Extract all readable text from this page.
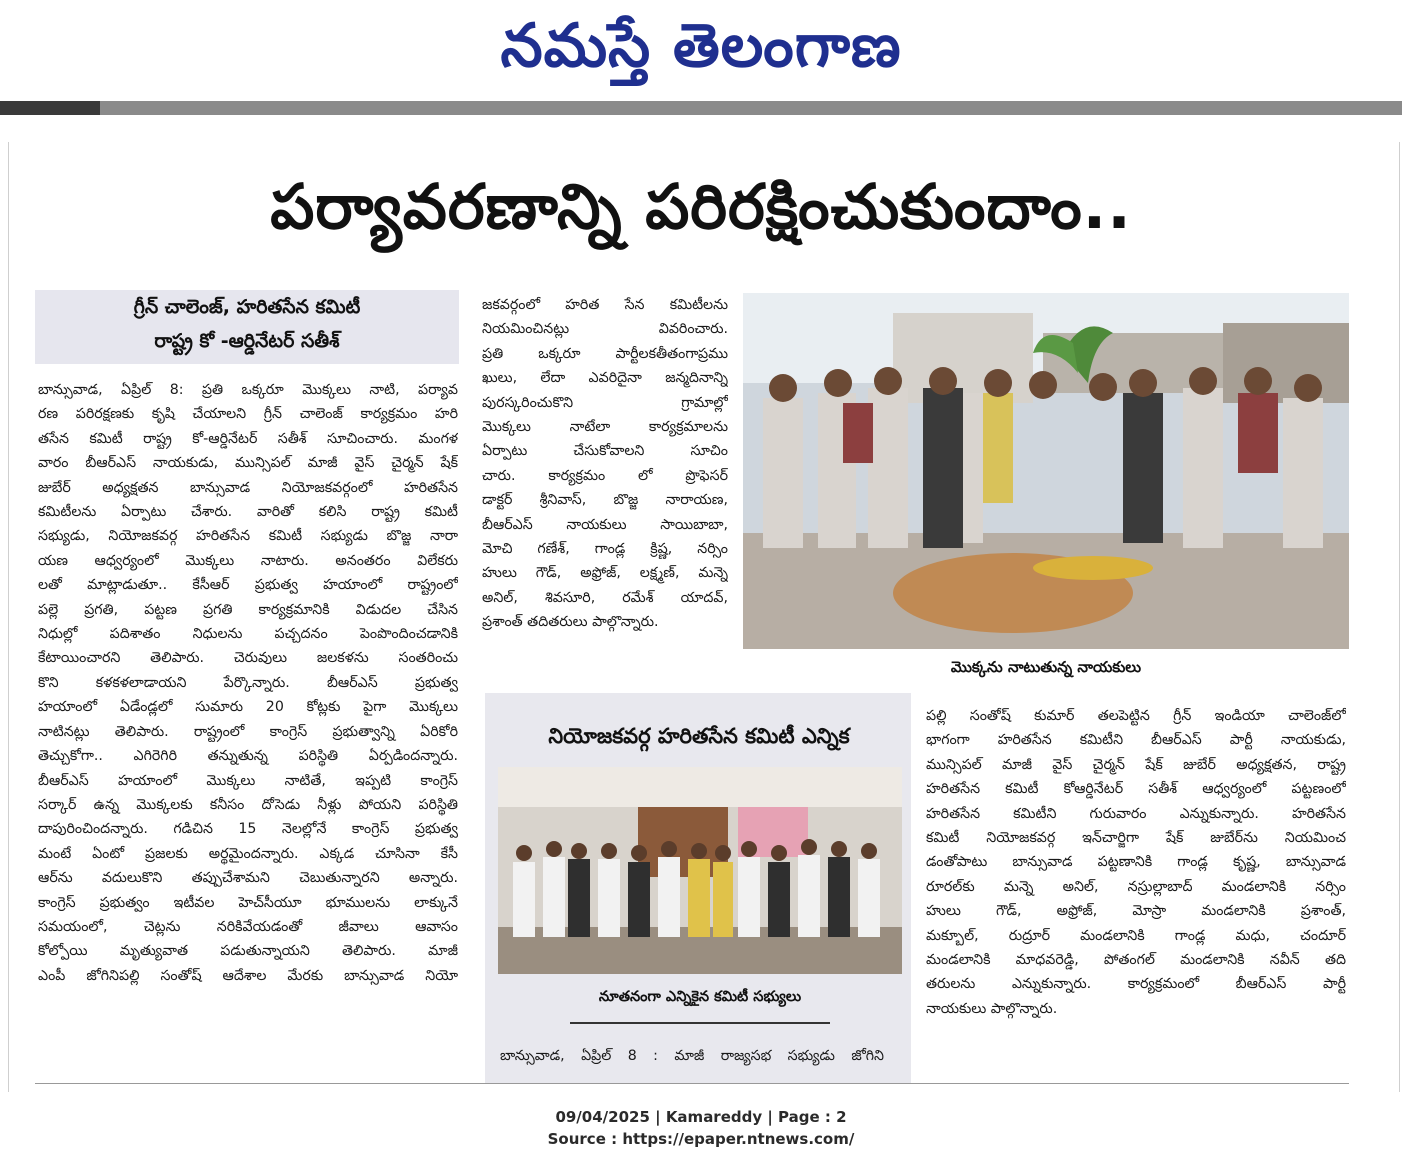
నమస్తే తెలంగాణ
పర్యావరణాన్ని పరిరక్షించుకుందాం..
గ్రీన్ చాలెంజ్, హరితసేన కమిటీ
రాష్ట్ర కో -ఆర్డినేటర్ సతీశ్
బాన్సువాడ, ఏప్రిల్ 8: ప్రతి ఒక్కరూ మొక్కలు నాటి, పర్యావ
రణ పరిరక్షణకు కృషి చేయాలని గ్రీన్ చాలెంజ్ కార్యక్రమం హరి
తసేన కమిటీ రాష్ట్ర కో-ఆర్డినేటర్ సతీశ్ సూచించారు. మంగళ
వారం బీఆర్ఎస్ నాయకుడు, మున్సిపల్ మాజీ వైస్ చైర్మన్ షేక్
జుబేర్ అధ్యక్షతన బాన్సువాడ నియోజకవర్గంలో హరితసేన
కమిటీలను ఏర్పాటు చేశారు. వారితో కలిసి రాష్ట్ర కమిటీ
సభ్యుడు, నియోజకవర్గ హరితసేన కమిటీ సభ్యుడు బొజ్జ నారా
యణ ఆధ్వర్యంలో మొక్కలు నాటారు. అనంతరం విలేకరు
లతో మాట్లాడుతూ.. కేసీఆర్ ప్రభుత్వ హయాంలో రాష్ట్రంలో
పల్లె ప్రగతి, పట్టణ ప్రగతి కార్యక్రమానికి విడుదల చేసిన
నిధుల్లో పదిశాతం నిధులను పచ్చదనం పెంపొందించడానికి
కేటాయించారని తెలిపారు. చెరువులు జలకళను సంతరించు
కొని కళకళలాడాయని పేర్కొన్నారు. బీఆర్ఎస్ ప్రభుత్వ
హయాంలో ఏడేండ్లలో సుమారు 20 కోట్లకు పైగా మొక్కలు
నాటినట్లు తెలిపారు. రాష్ట్రంలో కాంగ్రెస్ ప్రభుత్వాన్ని ఏరికోరి
తెచ్చుకోగా.. ఎగిరెగిరి తన్నుతున్న పరిస్థితి ఏర్పడిందన్నారు.
బీఆర్ఎస్ హయాంలో మొక్కలు నాటితే, ఇప్పటి కాంగ్రెస్
సర్కార్ ఉన్న మొక్కలకు కనీసం దోసెడు నీళ్లు పోయని పరిస్థితి
దాపురించిందన్నారు. గడిచిన 15 నెలల్లోనే కాంగ్రెస్ ప్రభుత్వ
మంటే ఏంటో ప్రజలకు అర్థమైందన్నారు. ఎక్కడ చూసినా కేసీ
ఆర్‌ను వదులుకొని తప్పుచేశామని చెబుతున్నారని అన్నారు.
కాంగ్రెస్ ప్రభుత్వం ఇటీవల హెచ్‌సీయూ భూములను లాక్కునే
సమయంలో, చెట్లను నరికివేయడంతో జీవాలు ఆవాసం
కోల్పోయి మృత్యువాత పడుతున్నాయని తెలిపారు. మాజీ
ఎంపీ జోగినిపల్లి సంతోష్ ఆదేశాల మేరకు బాన్సువాడ నియో
జకవర్గంలో హరిత సేన కమిటీలను
నియమించినట్లు వివరించారు.
ప్రతి ఒక్కరూ పార్టీలకతీతంగాప్రము
ఖులు, లేదా ఎవరిదైనా జన్మదినాన్ని
పురస్కరించుకొని గ్రామాల్లో
మొక్కలు నాటేలా కార్యక్రమాలను
ఏర్పాటు చేసుకోవాలని సూచిం
చారు. కార్యక్రమం లో ప్రొఫెసర్
డాక్టర్ శ్రీనివాస్, బొజ్జ నారాయణ,
బీఆర్ఎస్ నాయకులు సాయిబాబా,
మోచి గణేశ్, గాండ్ల క్రిష్ణ, నర్సిం
హులు గౌడ్, అఫ్రోజ్, లక్ష్మణ్, మన్నె
అనిల్, శివసూరి, రమేశ్ యాదవ్,
ప్రశాంత్ తదితరులు పాల్గొన్నారు.
మొక్కను నాటుతున్న నాయకులు
నియోజకవర్గ హరితసేన కమిటీ ఎన్నిక
నూతనంగా ఎన్నికైన కమిటీ సభ్యులు
బాన్సువాడ, ఏప్రిల్ 8 : మాజీ రాజ్యసభ సభ్యుడు జోగిని
పల్లి సంతోష్ కుమార్ తలపెట్టిన గ్రీన్ ఇండియా చాలెంజ్‌లో
భాగంగా హరితసేన కమిటీని బీఆర్ఎస్ పార్టీ నాయకుడు,
మున్సిపల్ మాజీ వైస్ చైర్మన్ షేక్ జుబేర్ అధ్యక్షతన, రాష్ట్ర
హరితసేన కమిటీ కోఆర్డినేటర్ సతీశ్ ఆధ్వర్యంలో పట్టణంలో
హరితసేన కమిటీని గురువారం ఎన్నుకున్నారు. హరితసేన
కమిటీ నియోజకవర్గ ఇన్‌చార్జిగా షేక్ జుబేర్‌ను నియమించ
డంతోపాటు బాన్సువాడ పట్టణానికి గాండ్ల కృష్ణ, బాన్సువాడ
రూరల్‌కు మన్నె అనిల్, నస్రుల్లాబాద్ మండలానికి నర్సిం
హులు గౌడ్, అఫ్రోజ్, మోస్రా మండలానికి ప్రశాంత్,
మక్బూల్, రుద్రూర్ మండలానికి గాండ్ల మధు, చందూర్
మండలానికి మాధవరెడ్డి, పోతంగల్ మండలానికి నవీన్ తది
తరులను ఎన్నుకున్నారు. కార్యక్రమంలో బీఆర్ఎస్ పార్టీ
నాయకులు పాల్గొన్నారు.
09/04/2025 | Kamareddy | Page : 2
Source : https://epaper.ntnews.com/
